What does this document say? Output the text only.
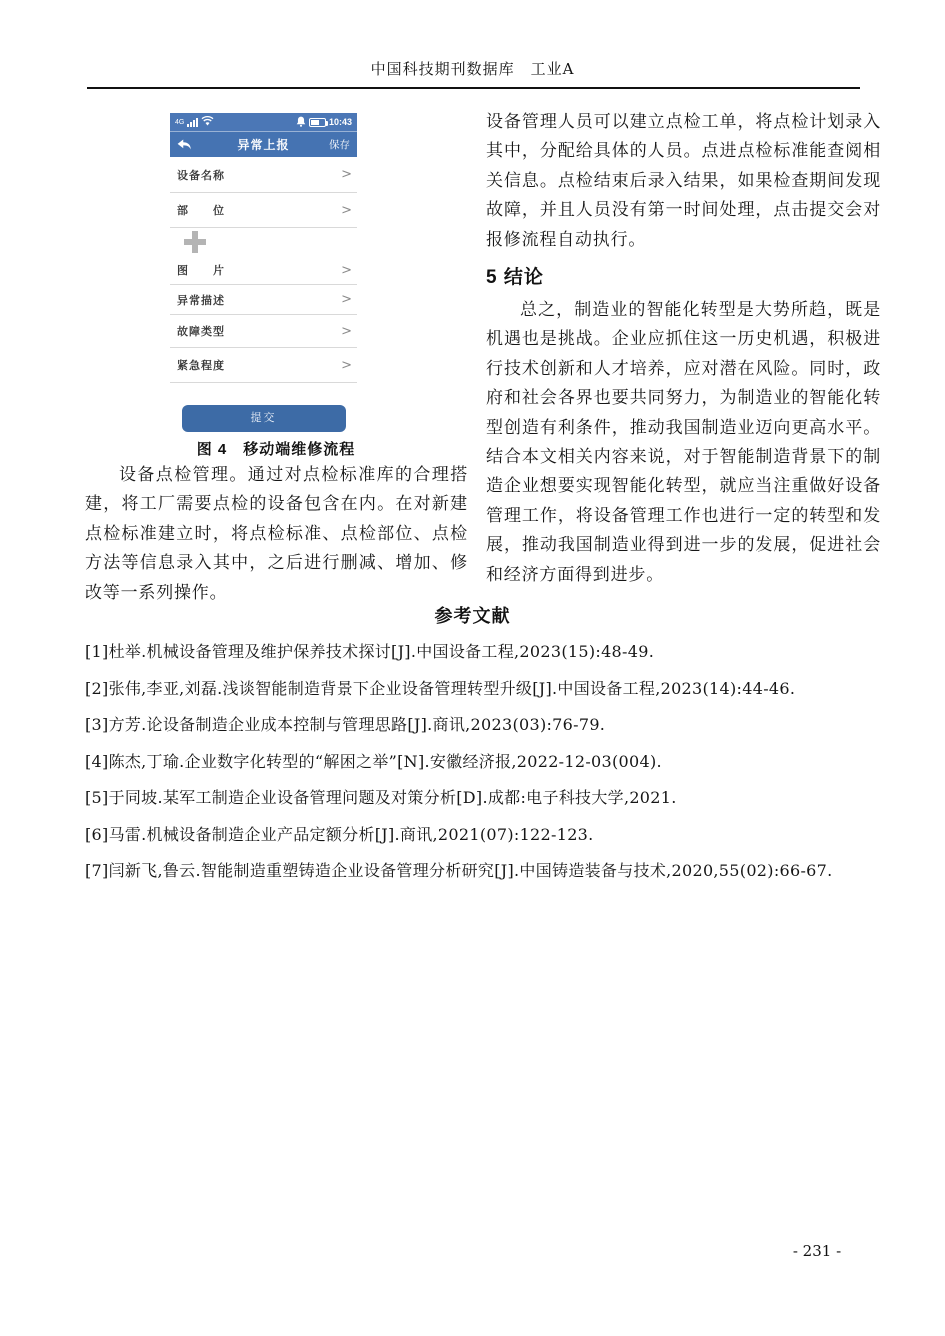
中国科技期刊数据库　工业A
4G	10:43
异常上报	保存
设备名称	>
部　　位	>
图　　片	>
异常描述	>
故障类型	>
紧急程度	>
提交
图 4　移动端维修流程
设备点检管理。通过对点检标准库的合理搭建，将工厂需要点检的设备包含在内。在对新建点检标准建立时，将点检标准、点检部位、点检方法等信息录入其中，之后进行删减、增加、修改等一系列操作。
设备管理人员可以建立点检工单，将点检计划录入其中，分配给具体的人员。点进点检标准能查阅相关信息。点检结束后录入结果，如果检查期间发现故障，并且人员没有第一时间处理，点击提交会对报修流程自动执行。
5 结论
总之，制造业的智能化转型是大势所趋，既是机遇也是挑战。企业应抓住这一历史机遇，积极进行技术创新和人才培养，应对潜在风险。同时，政府和社会各界也要共同努力，为制造业的智能化转型创造有利条件，推动我国制造业迈向更高水平。结合本文相关内容来说，对于智能制造背景下的制造企业想要实现智能化转型，就应当注重做好设备管理工作，将设备管理工作也进行一定的转型和发展，推动我国制造业得到进一步的发展，促进社会和经济方面得到进步。
参考文献
[1]杜举.机械设备管理及维护保养技术探讨[J].中国设备工程,2023(15):48-49.
[2]张伟,李亚,刘磊.浅谈智能制造背景下企业设备管理转型升级[J].中国设备工程,2023(14):44-46.
[3]方芳.论设备制造企业成本控制与管理思路[J].商讯,2023(03):76-79.
[4]陈杰,丁瑜.企业数字化转型的“解困之举”[N].安徽经济报,2022-12-03(004).
[5]于同坡.某军工制造企业设备管理问题及对策分析[D].成都:电子科技大学,2021.
[6]马雷.机械设备制造企业产品定额分析[J].商讯,2021(07):122-123.
[7]闫新飞,鲁云.智能制造重塑铸造企业设备管理分析研究[J].中国铸造装备与技术,2020,55(02):66-67.
- 231 -
